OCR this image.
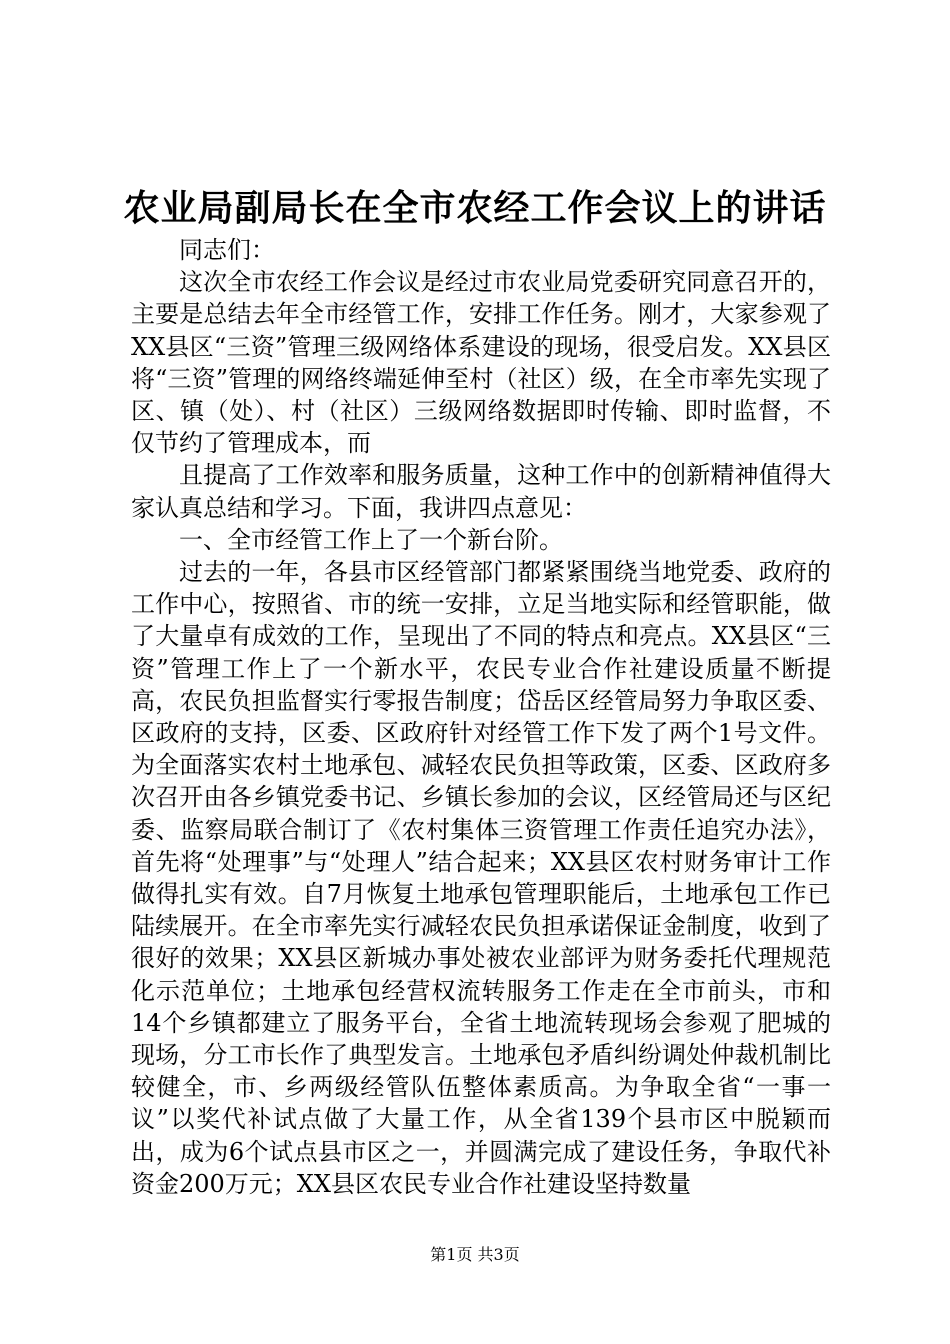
农业局副局长在全市农经工作会议上的讲话

同志们：

这次全市农经工作会议是经过市农业局党委研究同意召开的，主要是总结去年全市经管工作，安排工作任务。刚才，大家参观了XX县区“三资”管理三级网络体系建设的现场，很受启发。XX县区将“三资”管理的网络终端延伸至村（社区）级，在全市率先实现了区、镇（处）、村（社区）三级网络数据即时传输、即时监督，不仅节约了管理成本，而

且提高了工作效率和服务质量，这种工作中的创新精神值得大家认真总结和学习。下面，我讲四点意见：

一、全市经管工作上了一个新台阶。

过去的一年，各县市区经管部门都紧紧围绕当地党委、政府的工作中心，按照省、市的统一安排，立足当地实际和经管职能，做了大量卓有成效的工作，呈现出了不同的特点和亮点。XX县区“三资”管理工作上了一个新水平，农民专业合作社建设质量不断提高，农民负担监督实行零报告制度；岱岳区经管局努力争取区委、区政府的支持，区委、区政府针对经管工作下发了两个1号文件。为全面落实农村土地承包、减轻农民负担等政策，区委、区政府多次召开由各乡镇党委书记、乡镇长参加的会议，区经管局还与区纪委、监察局联合制订了《农村集体三资管理工作责任追究办法》，首先将“处理事”与“处理人”结合起来；XX县区农村财务审计工作做得扎实有效。自7月恢复土地承包管理职能后，土地承包工作已陆续展开。在全市率先实行减轻农民负担承诺保证金制度，收到了很好的效果；XX县区新城办事处被农业部评为财务委托代理规范化示范单位；土地承包经营权流转服务工作走在全市前头，市和14个乡镇都建立了服务平台，全省土地流转现场会参观了肥城的现场，分工市长作了典型发言。土地承包矛盾纠纷调处仲裁机制比较健全，市、乡两级经管队伍整体素质高。为争取全省“一事一议”以奖代补试点做了大量工作，从全省139个县市区中脱颖而出，成为6个试点县市区之一，并圆满完成了建设任务，争取代补资金200万元；XX县区农民专业合作社建设坚持数量

第1页 共3页
